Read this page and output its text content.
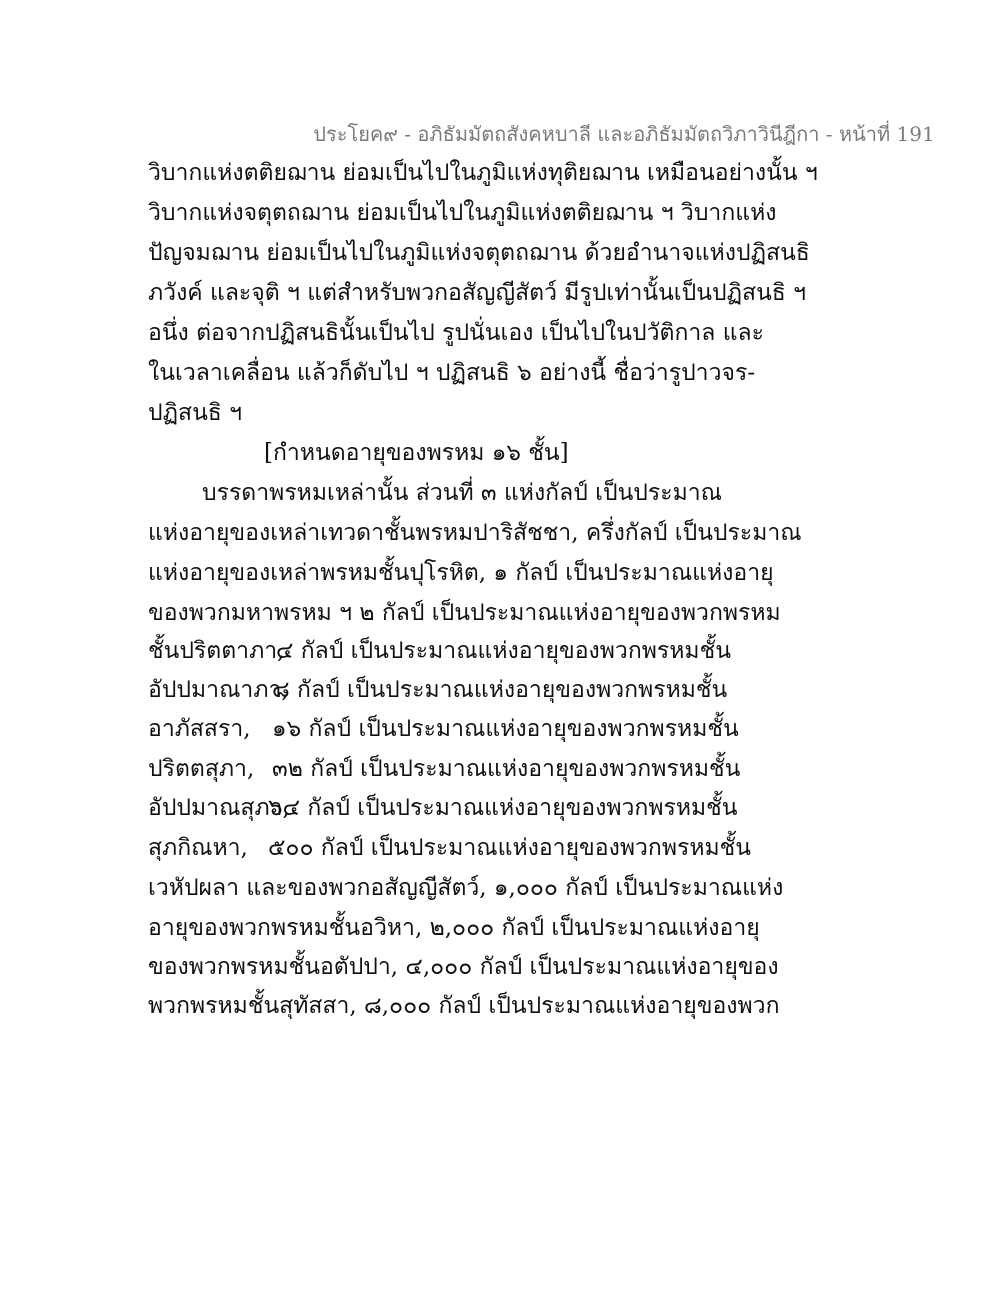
ประโยค๙ - อภิธัมมัตถสังคหบาลี และอภิธัมมัตถวิภาวินีฎีกา - หน้าที่ 191
วิบากแห่งตติยฌาน ย่อมเป็นไปในภูมิแห่งทุติยฌาน เหมือนอย่างนั้น ฯ
วิบากแห่งจตุตถฌาน ย่อมเป็นไปในภูมิแห่งตติยฌาน ฯ วิบากแห่ง
ปัญจมฌาน ย่อมเป็นไปในภูมิแห่งจตุตถฌาน ด้วยอำนาจแห่งปฏิสนธิ
ภวังค์ และจุติ ฯ แต่สำหรับพวกอสัญญีสัตว์ มีรูปเท่านั้นเป็นปฏิสนธิ ฯ
อนึ่ง ต่อจากปฏิสนธินั้นเป็นไป รูปนั่นเอง เป็นไปในปวัติกาล และ
ในเวลาเคลื่อน แล้วก็ดับไป ฯ ปฏิสนธิ ๖ อย่างนี้ ชื่อว่ารูปาวจร-
ปฏิสนธิ ฯ
[กำหนดอายุของพรหม ๑๖ ชั้น]
บรรดาพรหมเหล่านั้น ส่วนที่ ๓ แห่งกัลป์ เป็นประมาณ
แห่งอายุของเหล่าเทวดาชั้นพรหมปาริสัชชา, ครึ่งกัลป์ เป็นประมาณ
แห่งอายุของเหล่าพรหมชั้นปุโรหิต, ๑ กัลป์ เป็นประมาณแห่งอายุ
ของพวกมหาพรหม ฯ ๒ กัลป์ เป็นประมาณแห่งอายุของพวกพรหม
ชั้นปริตตาภา,
๔ กัลป์ เป็นประมาณแห่งอายุของพวกพรหมชั้น
อัปปมาณาภา,
๘ กัลป์ เป็นประมาณแห่งอายุของพวกพรหมชั้น
อาภัสสรา, ๑๖ กัลป์ เป็นประมาณแห่งอายุของพวกพรหมชั้น
ปริตตสุภา, ๓๒ กัลป์ เป็นประมาณแห่งอายุของพวกพรหมชั้น
อัปปมาณสุภา,
๖๔ กัลป์ เป็นประมาณแห่งอายุของพวกพรหมชั้น
สุภกิณหา, ๕๐๐ กัลป์ เป็นประมาณแห่งอายุของพวกพรหมชั้น
เวหัปผลา และของพวกอสัญญีสัตว์, ๑,๐๐๐ กัลป์ เป็นประมาณแห่ง
อายุของพวกพรหมชั้นอวิหา, ๒,๐๐๐ กัลป์ เป็นประมาณแห่งอายุ
ของพวกพรหมชั้นอตัปปา, ๔,๐๐๐ กัลป์ เป็นประมาณแห่งอายุของ
พวกพรหมชั้นสุทัสสา, ๘,๐๐๐ กัลป์ เป็นประมาณแห่งอายุของพวก
